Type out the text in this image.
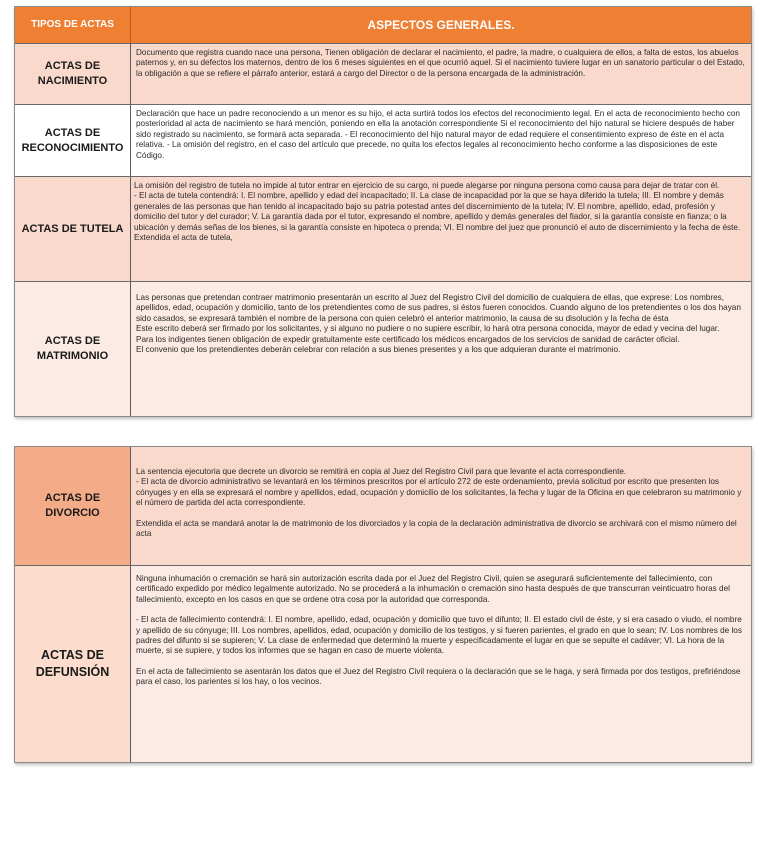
TIPOS DE ACTAS	ASPECTOS GENERALES.
ACTAS DE NACIMIENTO

Documento que registra cuando nace una persona, Tienen obligación de declarar el nacimiento, el padre, la madre, o cualquiera de ellos, a falta de estos, los abuelos paternos y, en su defectos los maternos, dentro de los 6 meses siguientes en el que ocurrió aquel. Si el nacimiento tuviere lugar en un sanatorio particular o del Estado, la obligación a que se refiere el párrafo anterior, estará a cargo del Director o de la persona encargada de la administración.

ACTAS DE RECONOCIMIENTO

Declaración que hace un padre reconociendo a un menor es su hijo, el acta surtirá todos los efectos del reconocimiento legal. En el acta de reconocimiento hecho con posterioridad al acta de nacimiento se hará mención, poniendo en ella la anotación correspondiente Si el reconocimiento del hijo natural se hiciere después de haber sido registrado su nacimiento, se formará acta separada. - El reconocimiento del hijo natural mayor de edad requiere el consentimiento expreso de éste en el acta relativa. - La omisión del registro, en el caso del artículo que precede, no quita los efectos legales al reconocimiento hecho conforme a las disposiciones de este Código.

ACTAS DE TUTELA

La omisión del registro de tutela no impide al tutor entrar en ejercicio de su cargo, ni puede alegarse por ninguna persona como causa para dejar de tratar con él.

- El acta de tutela contendrá: I. El nombre, apellido y edad del incapacitado; II. La clase de incapacidad por la que se haya diferido la tutela; III. El nombre y demás generales de las personas que han tenido al incapacitado bajo su patria potestad antes del discernimiento de la tutela; IV. El nombre, apellido, edad, profesión y domicilio del tutor y del curador; V. La garantía dada por el tutor, expresando el nombre, apellido y demás generales del fiador, si la garantía consiste en fianza; o la ubicación y demás señas de los bienes, si la garantía consiste en hipoteca o prenda; VI. El nombre del juez que pronunció el auto de discernimiento y la fecha de éste.

Extendida el acta de tutela,

ACTAS DE MATRIMONIO

Las personas que pretendan contraer matrimonio presentarán un escrito al Juez del Registro Civil del domicilio de cualquiera de ellas, que exprese: Los nombres, apellidos, edad, ocupación y domicilio, tanto de los pretendientes como de sus padres, si éstos fueren conocidos. Cuando alguno de los pretendientes o los dos hayan sido casados, se expresará también el nombre de la persona con quien celebró el anterior matrimonio, la causa de su disolución y la fecha de ésta

Este escrito deberá ser firmado por los solicitantes, y si alguno no pudiere o no supiere escribir, lo hará otra persona conocida, mayor de edad y vecina del lugar.

Para los indigentes tienen obligación de expedir gratuitamente este certificado los médicos encargados de los servicios de sanidad de carácter oficial.

El convenio que los pretendientes deberán celebrar con relación a sus bienes presentes y a los que adquieran durante el matrimonio.

ACTAS DE DIVORCIO

La sentencia ejecutoria que decrete un divorcio se remitirá en copia al Juez del Registro Civil para que levante el acta correspondiente.

- El acta de divorcio administrativo se levantará en los términos prescritos por el artículo 272 de este ordenamiento, previa solicitud por escrito que presenten los cónyuges y en ella se expresará el nombre y apellidos, edad, ocupación y domicilio de los solicitantes, la fecha y lugar de la Oficina en que celebraron su matrimonio y el número de partida del acta correspondiente.

Extendida el acta se mandará anotar la de matrimonio de los divorciados y la copia de la declaración administrativa de divorcio se archivará con el mismo número del acta

ACTAS DE DEFUNSIÓN

Ninguna inhumación o cremación se hará sin autorización escrita dada por el Juez del Registro Civil, quien se asegurará suficientemente del fallecimiento, con certificado expedido por médico legalmente autorizado. No se procederá a la inhumación o cremación sino hasta después de que transcurran veinticuatro horas del fallecimiento, excepto en los casos en que se ordene otra cosa por la autoridad que corresponda.

- El acta de fallecimiento contendrá: I. El nombre, apellido, edad, ocupación y domicilio que tuvo el difunto; II. El estado civil de éste, y si era casado o viudo, el nombre y apellido de su cónyuge; III. Los nombres, apellidos, edad, ocupación y domicilio de los testigos, y si fueren parientes, el grado en que lo sean; IV. Los nombres de los padres del difunto si se supieren; V. La clase de enfermedad que determinó la muerte y especificadamente el lugar en que se sepulte el cadáver; VI. La hora de la muerte, si se supiere, y todos los informes que se hagan en caso de muerte violenta.

En el acta de fallecimiento se asentarán los datos que el Juez del Registro Civil requiera o la declaración que se le haga, y será firmada por dos testigos, prefiriéndose para el caso, los parientes si los hay, o los vecinos.
